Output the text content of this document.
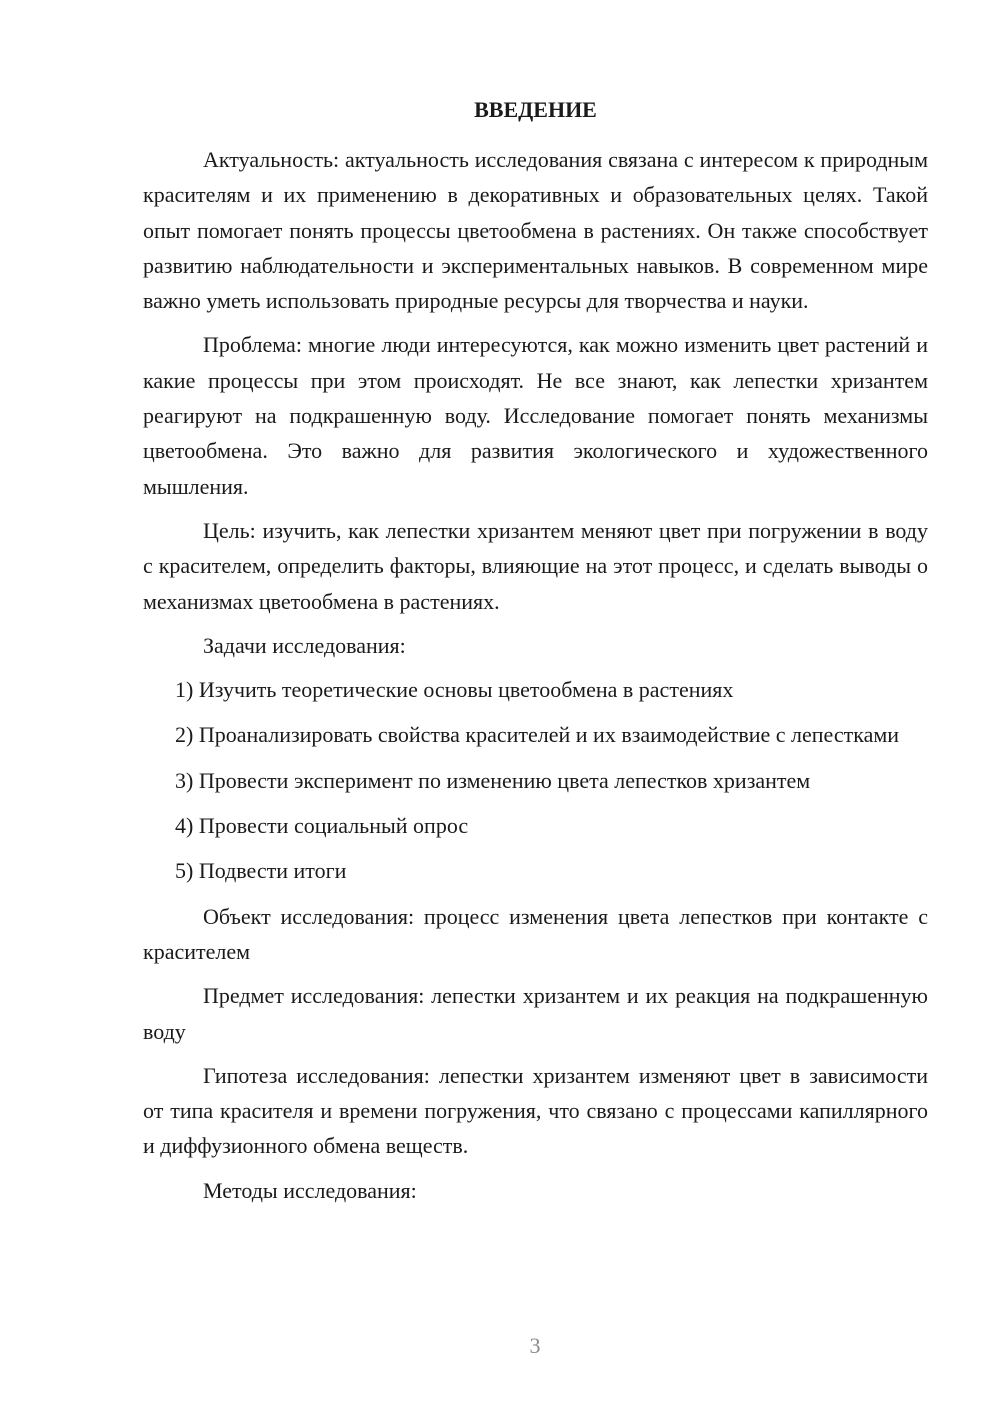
ВВЕДЕНИЕ

Актуальность: актуальность исследования связана с интересом к природным красителям и их применению в декоративных и образовательных целях. Такой опыт помогает понять процессы цветообмена в растениях. Он также способствует развитию наблюдательности и экспериментальных навыков. В современном мире важно уметь использовать природные ресурсы для творчества и науки.

Проблема: многие люди интересуются, как можно изменить цвет растений и какие процессы при этом происходят. Не все знают, как лепестки хризантем реагируют на подкрашенную воду. Исследование помогает понять механизмы цветообмена. Это важно для развития экологического и художественного мышления.

Цель: изучить, как лепестки хризантем меняют цвет при погружении в воду с красителем, определить факторы, влияющие на этот процесс, и сделать выводы о механизмах цветообмена в растениях.

Задачи исследования:

1) Изучить теоретические основы цветообмена в растениях

2) Проанализировать свойства красителей и их взаимодействие с лепестками

3) Провести эксперимент по изменению цвета лепестков хризантем

4) Провести социальный опрос

5) Подвести итоги

Объект исследования: процесс изменения цвета лепестков при контакте с красителем

Предмет исследования: лепестки хризантем и их реакция на подкрашенную воду

Гипотеза исследования: лепестки хризантем изменяют цвет в зависимости от типа красителя и времени погружения, что связано с процессами капиллярного и диффузионного обмена веществ.

Методы исследования:

3
